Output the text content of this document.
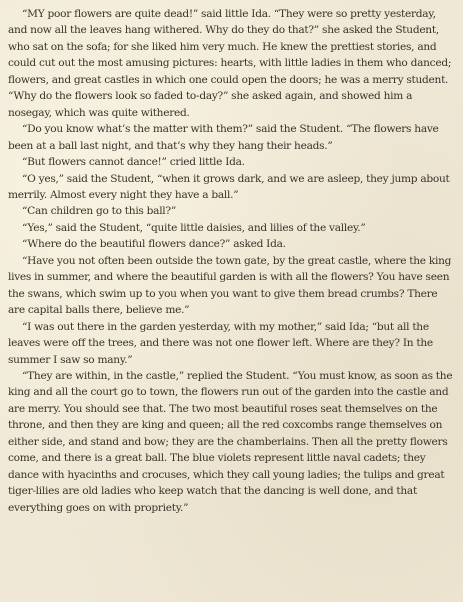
“MY poor flowers are quite dead!” said little Ida. “They were so pretty yesterday, and now all the leaves hang withered. Why do they do that?” she asked the Student, who sat on the sofa; for she liked him very much. He knew the prettiest stories, and could cut out the most amusing pictures: hearts, with little ladies in them who danced; flowers, and great castles in which one could open the doors; he was a merry student. “Why do the flowers look so faded to-day?” she asked again, and showed him a nosegay, which was quite withered.

“Do you know what’s the matter with them?” said the Student. “The flowers have been at a ball last night, and that’s why they hang their heads.”

“But flowers cannot dance!” cried little Ida.

“O yes,” said the Student, “when it grows dark, and we are asleep, they jump about merrily. Almost every night they have a ball.”

“Can children go to this ball?”

“Yes,” said the Student, “quite little daisies, and lilies of the valley.”

“Where do the beautiful flowers dance?” asked Ida.

“Have you not often been outside the town gate, by the great castle, where the king lives in summer, and where the beautiful garden is with all the flowers? You have seen the swans, which swim up to you when you want to give them bread crumbs? There are capital balls there, believe me.”

“I was out there in the garden yesterday, with my mother,” said Ida; “but all the leaves were off the trees, and there was not one flower left. Where are they? In the summer I saw so many.”

“They are within, in the castle,” replied the Student. “You must know, as soon as the king and all the court go to town, the flowers run out of the garden into the castle and are merry. You should see that. The two most beautiful roses seat themselves on the throne, and then they are king and queen; all the red coxcombs range themselves on either side, and stand and bow; they are the chamberlains. Then all the pretty flowers come, and there is a great ball. The blue violets represent little naval cadets; they dance with hyacinths and crocuses, which they call young ladies; the tulips and great tiger-lilies are old ladies who keep watch that the dancing is well done, and that everything goes on with propriety.”
